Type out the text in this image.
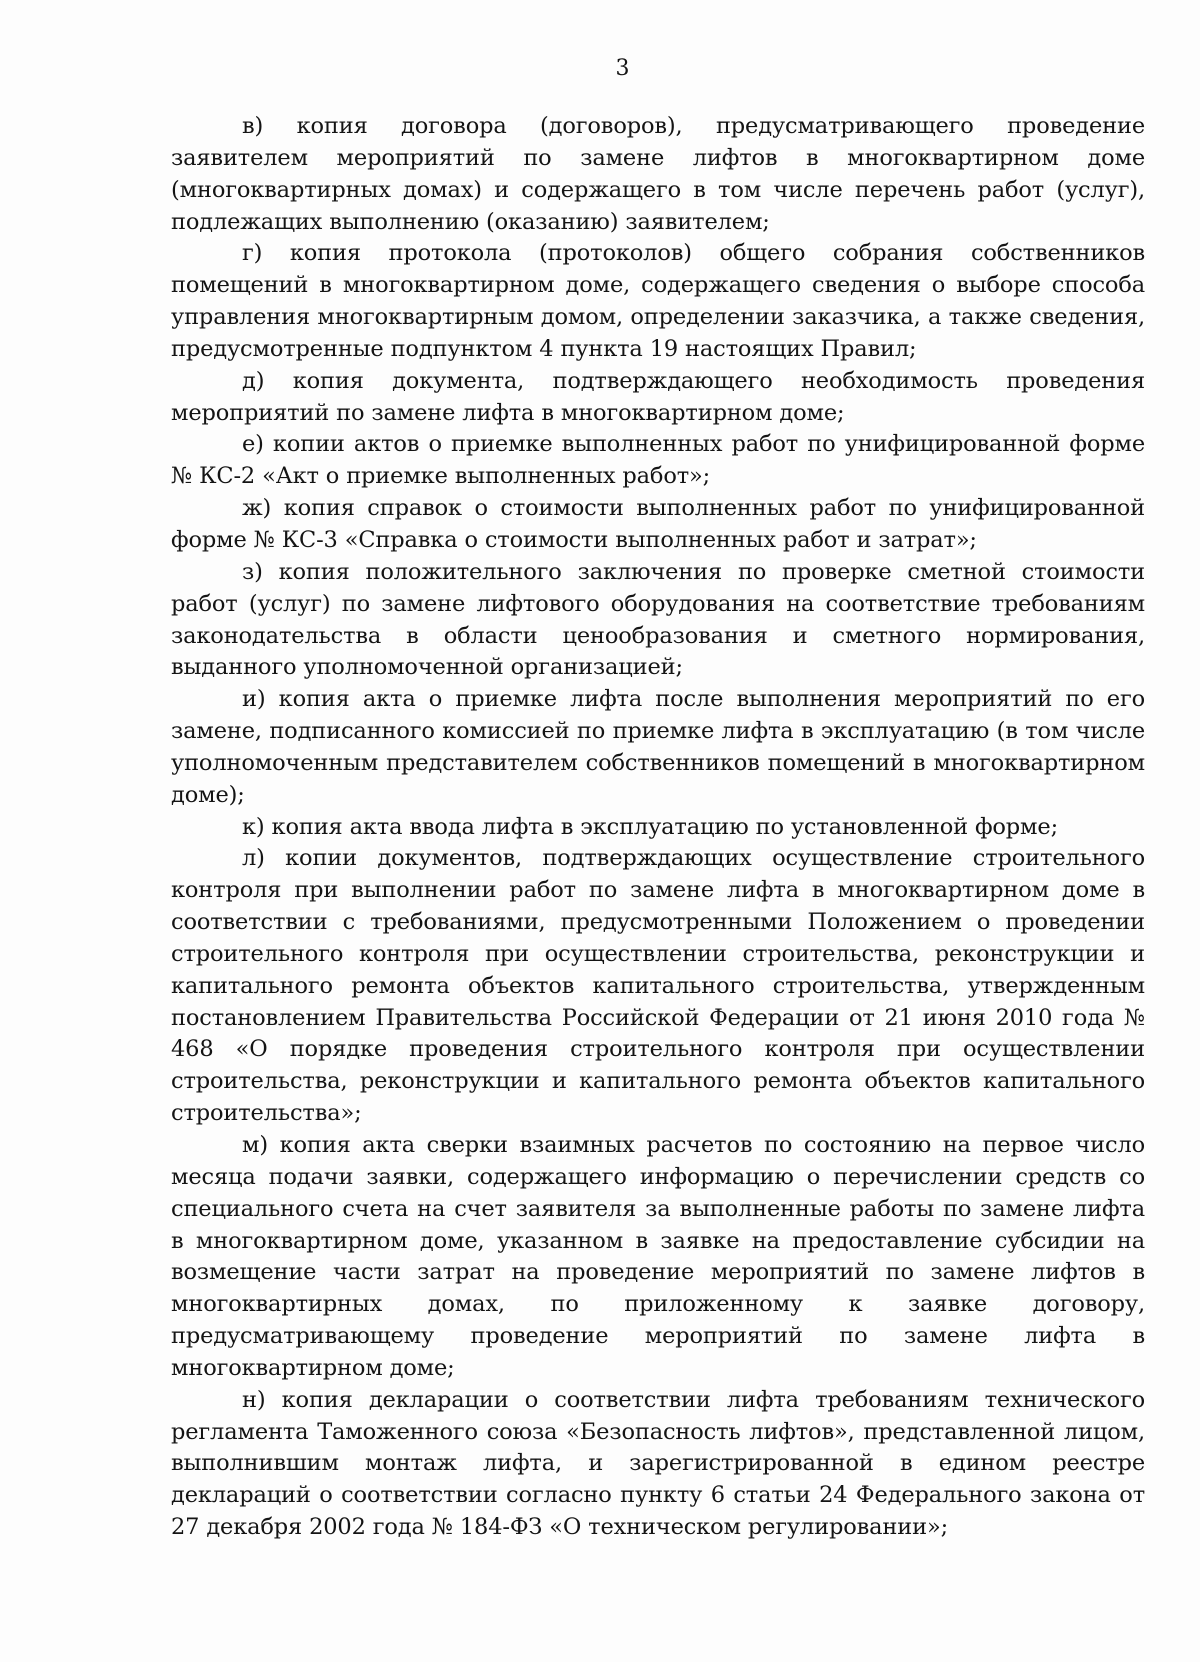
3

в) копия договора (договоров), предусматривающего проведение заявителем мероприятий по замене лифтов в многоквартирном доме (многоквартирных домах) и содержащего в том числе перечень работ (услуг), подлежащих выполнению (оказанию) заявителем;

г) копия протокола (протоколов) общего собрания собственников помещений в многоквартирном доме, содержащего сведения о выборе способа управления многоквартирным домом, определении заказчика, а также сведения, предусмотренные подпунктом 4 пункта 19 настоящих Правил;

д) копия документа, подтверждающего необходимость проведения мероприятий по замене лифта в многоквартирном доме;

е) копии актов о приемке выполненных работ по унифицированной форме № КС-2 «Акт о приемке выполненных работ»;

ж) копия справок о стоимости выполненных работ по унифицированной форме № КС-3 «Справка о стоимости выполненных работ и затрат»;

з) копия положительного заключения по проверке сметной стоимости работ (услуг) по замене лифтового оборудования на соответствие требованиям законодательства в области ценообразования и сметного нормирования, выданного уполномоченной организацией;

и) копия акта о приемке лифта после выполнения мероприятий по его замене, подписанного комиссией по приемке лифта в эксплуатацию (в том числе уполномоченным представителем собственников помещений в многоквартирном доме);

к) копия акта ввода лифта в эксплуатацию по установленной форме;

л) копии документов, подтверждающих осуществление строительного контроля при выполнении работ по замене лифта в многоквартирном доме в соответствии с требованиями, предусмотренными Положением о проведении строительного контроля при осуществлении строительства, реконструкции и капитального ремонта объектов капитального строительства, утвержденным постановлением Правительства Российской Федерации от 21 июня 2010 года № 468 «О порядке проведения строительного контроля при осуществлении строительства, реконструкции и капитального ремонта объектов капитального строительства»;

м) копия акта сверки взаимных расчетов по состоянию на первое число месяца подачи заявки, содержащего информацию о перечислении средств со специального счета на счет заявителя за выполненные работы по замене лифта в многоквартирном доме, указанном в заявке на предоставление субсидии на возмещение части затрат на проведение мероприятий по замене лифтов в многоквартирных домах, по приложенному к заявке договору, предусматривающему проведение мероприятий по замене лифта в многоквартирном доме;

н) копия декларации о соответствии лифта требованиям технического регламента Таможенного союза «Безопасность лифтов», представленной лицом, выполнившим монтаж лифта, и зарегистрированной в едином реестре деклараций о соответствии согласно пункту 6 статьи 24 Федерального закона от 27 декабря 2002 года № 184-ФЗ «О техническом регулировании»;
